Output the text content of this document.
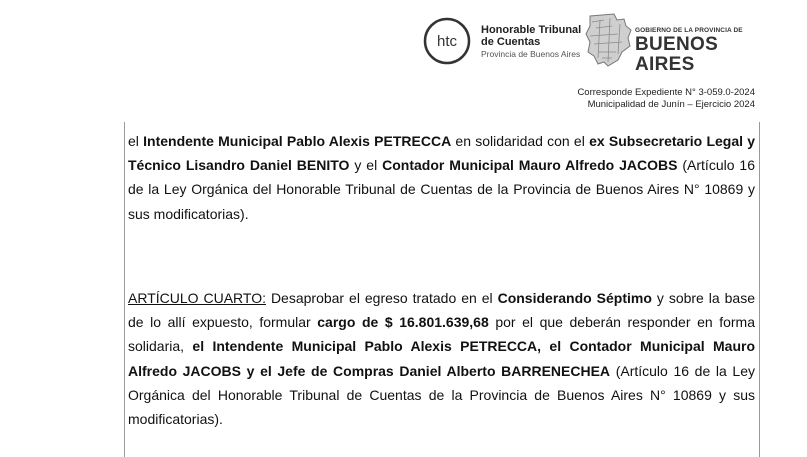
htc
Honorable Tribunal
de Cuentas
Provincia de Buenos Aires
GOBIERNO DE LA PROVINCIA DE
BUENOS AIRES
Corresponde Expediente N° 3-059.0-2024
Municipalidad de Junín – Ejercicio 2024
el Intendente Municipal Pablo Alexis PETRECCA en solidaridad con el ex Subsecretario Legal y Técnico Lisandro Daniel BENITO y el Contador Municipal Mauro Alfredo JACOBS (Artículo 16 de la Ley Orgánica del Honorable Tribunal de Cuentas de la Provincia de Buenos Aires N° 10869 y sus modificatorias).
ARTÍCULO CUARTO: Desaprobar el egreso tratado en el Considerando Séptimo y sobre la base de lo allí expuesto, formular cargo de $ 16.801.639,68 por el que deberán responder en forma solidaria, el Intendente Municipal Pablo Alexis PETRECCA, el Contador Municipal Mauro Alfredo JACOBS y el Jefe de Compras Daniel Alberto BARRENECHEA (Artículo 16 de la Ley Orgánica del Honorable Tribunal de Cuentas de la Provincia de Buenos Aires N° 10869 y sus modificatorias).
